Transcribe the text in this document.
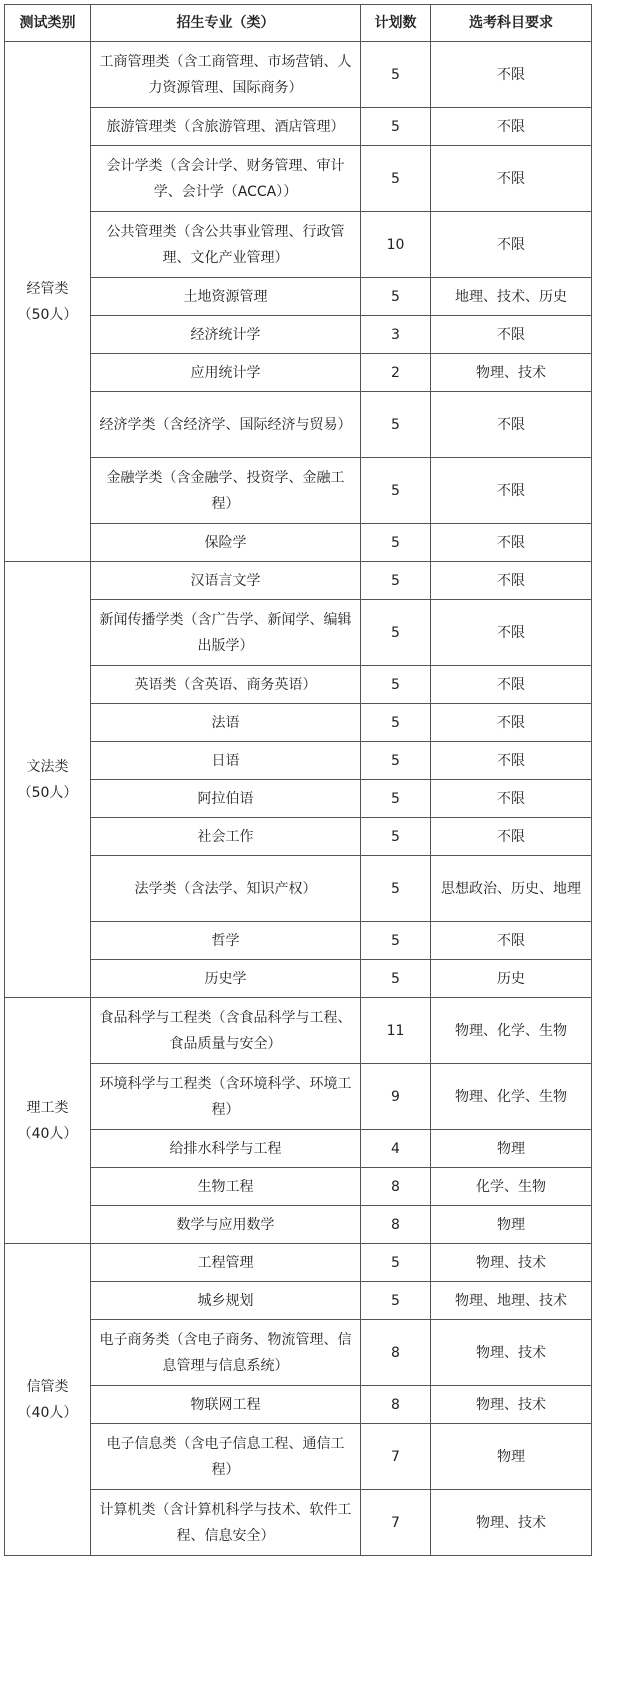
测试类别	招生专业（类）	计划数	选考科目要求

经管类
（50人）	工商管理类（含工商管理、市场营销、人力资源管理、国际商务）	5	不限
	旅游管理类（含旅游管理、酒店管理）	5	不限
	会计学类（含会计学、财务管理、审计学、会计学（ACCA））	5	不限
	公共管理类（含公共事业管理、行政管理、文化产业管理）	10	不限
	土地资源管理	5	地理、技术、历史
	经济统计学	3	不限
	应用统计学	2	物理、技术
	经济学类（含经济学、国际经济与贸易）	5	不限
	金融学类（含金融学、投资学、金融工程）	5	不限
	保险学	5	不限

文法类
（50人）	汉语言文学	5	不限
	新闻传播学类（含广告学、新闻学、编辑出版学）	5	不限
	英语类（含英语、商务英语）	5	不限
	法语	5	不限
	日语	5	不限
	阿拉伯语	5	不限
	社会工作	5	不限
	法学类（含法学、知识产权）	5	思想政治、历史、地理
	哲学	5	不限
	历史学	5	历史

理工类
（40人）	食品科学与工程类（含食品科学与工程、食品质量与安全）	11	物理、化学、生物
	环境科学与工程类（含环境科学、环境工程）	9	物理、化学、生物
	给排水科学与工程	4	物理
	生物工程	8	化学、生物
	数学与应用数学	8	物理

信管类
（40人）	工程管理	5	物理、技术
	城乡规划	5	物理、地理、技术
	电子商务类（含电子商务、物流管理、信息管理与信息系统）	8	物理、技术
	物联网工程	8	物理、技术
	电子信息类（含电子信息工程、通信工程）	7	物理
	计算机类（含计算机科学与技术、软件工程、信息安全）	7	物理、技术
